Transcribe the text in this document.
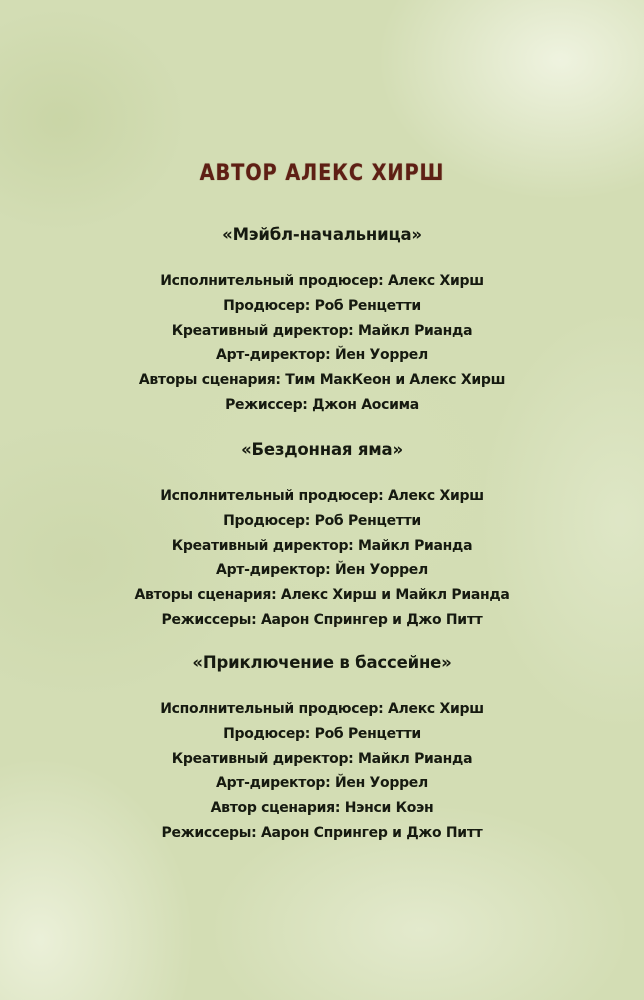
АВТОР АЛЕКС ХИРШ
«Мэйбл-начальница»
Исполнительный продюсер: Алекс Хирш
Продюсер: Роб Ренцетти
Креативный директор: Майкл Рианда
Арт-директор: Йен Уоррел
Авторы сценария: Тим МакКеон и Алекс Хирш
Режиссер: Джон Аосима
«Бездонная яма»
Исполнительный продюсер: Алекс Хирш
Продюсер: Роб Ренцетти
Креативный директор: Майкл Рианда
Арт-директор: Йен Уоррел
Авторы сценария: Алекс Хирш и Майкл Рианда
Режиссеры: Аарон Спрингер и Джо Питт
«Приключение в бассейне»
Исполнительный продюсер: Алекс Хирш
Продюсер: Роб Ренцетти
Креативный директор: Майкл Рианда
Арт-директор: Йен Уоррел
Автор сценария: Нэнси Коэн
Режиссеры: Аарон Спрингер и Джо Питт
